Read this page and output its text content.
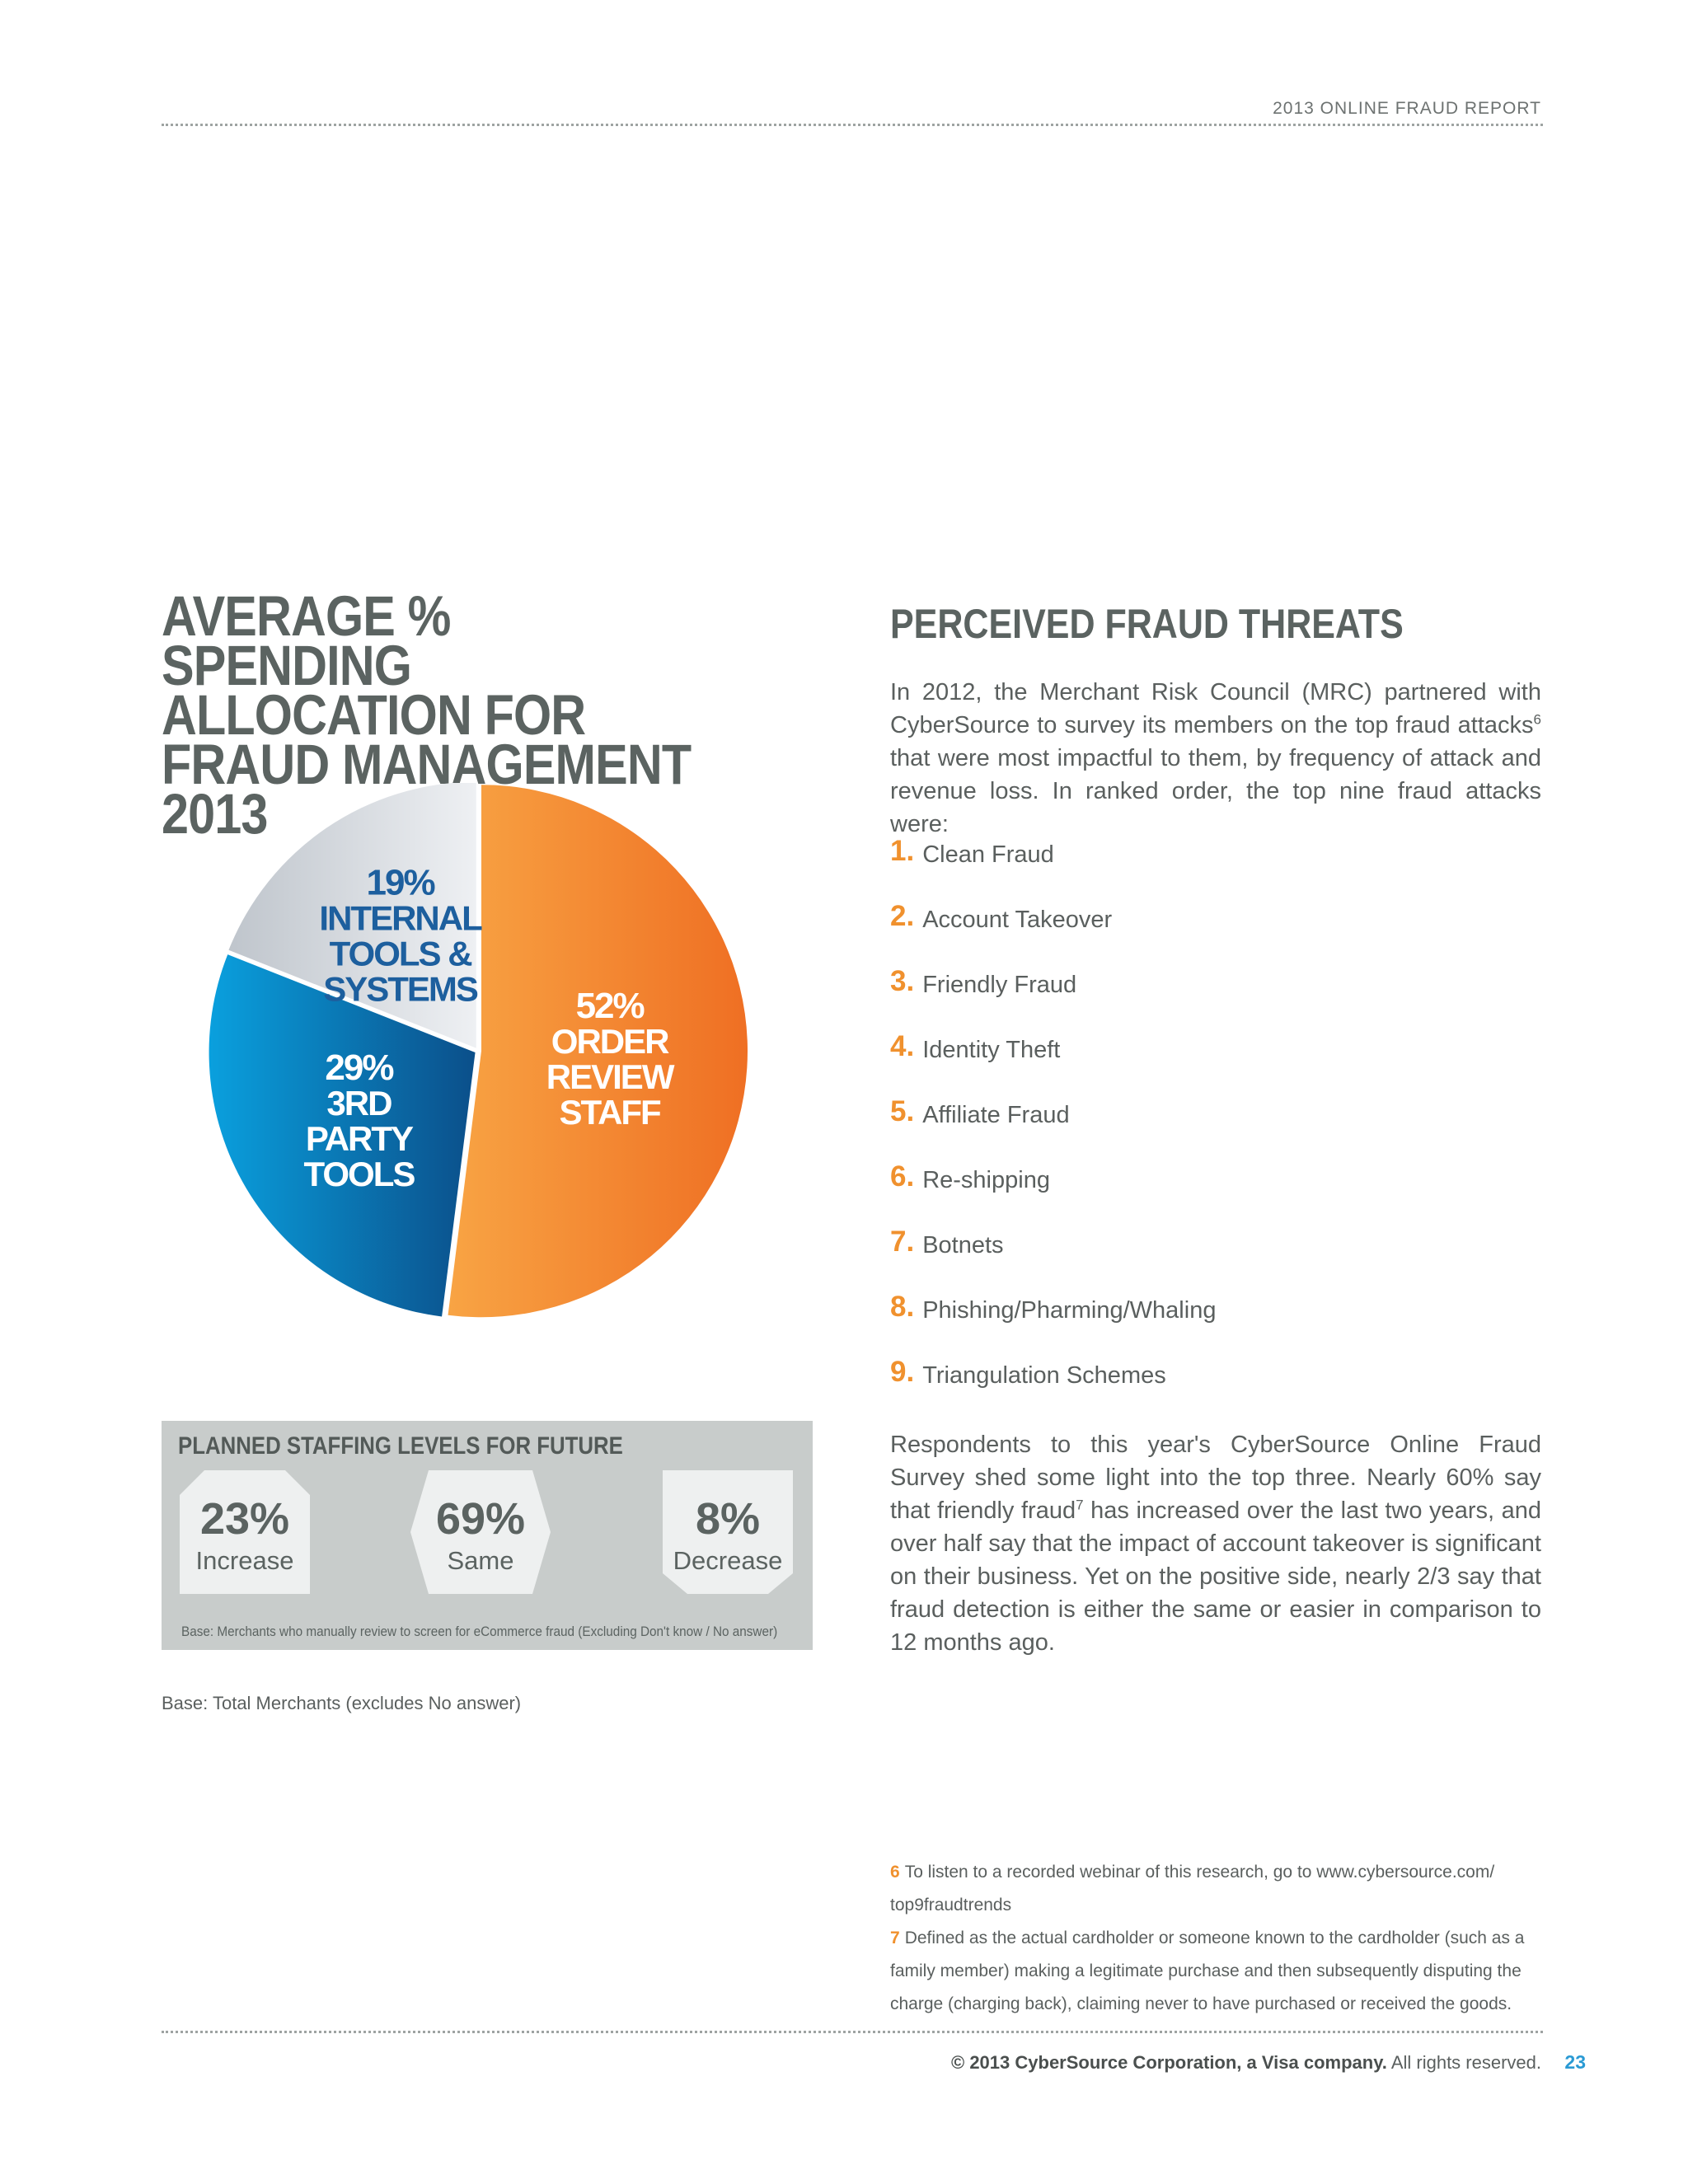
2013 ONLINE FRAUD REPORT
AVERAGE % SPENDING ALLOCATION FOR FRAUD MANAGEMENT 2013
52% ORDER REVIEW STAFF
29% 3RD PARTY TOOLS
19% INTERNAL TOOLS & SYSTEMS
PLANNED STAFFING LEVELS FOR FUTURE
23%
Increase
69%
Same
8%
Decrease
Base: Merchants who manually review to screen for eCommerce fraud (Excluding Don't know / No answer)
Base: Total Merchants (excludes No answer)
PERCEIVED FRAUD THREATS

In 2012, the Merchant Risk Council (MRC) partnered with CyberSource to survey its members on the top fraud attacks$^6$ that were most impactful to them, by frequency of attack and revenue loss. In ranked order, the top nine fraud attacks were:

1. Clean Fraud
2. Account Takeover
3. Friendly Fraud
4. Identity Theft
5. Affiliate Fraud
6. Re-shipping
7. Botnets
8. Phishing/Pharming/Whaling
9. Triangulation Schemes

Respondents to this year's CyberSource Online Fraud Survey shed some light into the top three. Nearly 60% say that friendly fraud$^7$ has increased over the last two years, and over half say that the impact of account takeover is significant on their business. Yet on the positive side, nearly 2/3 say that fraud detection is either the same or easier in comparison to 12 months ago.

6 To listen to a recorded webinar of this research, go to www.cybersource.com/ top9fraudtrends
7 Defined as the actual cardholder or someone known to the cardholder (such as a family member) making a legitimate purchase and then subsequently disputing the charge (charging back), claiming never to have purchased or received the goods.
© 2013 CyberSource Corporation, a Visa company. All rights reserved. 23
